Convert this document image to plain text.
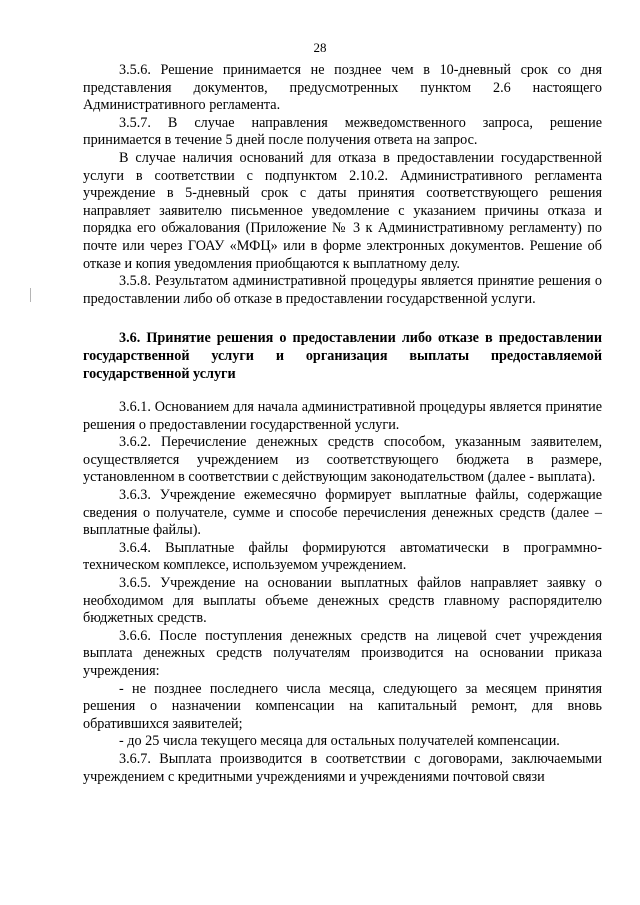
28

3.5.6. Решение принимается не позднее чем в 10-дневный срок со дня представления документов, предусмотренных пунктом 2.6 настоящего Административного регламента.

3.5.7. В случае направления межведомственного запроса, решение принимается в течение 5 дней после получения ответа на запрос.

В случае наличия оснований для отказа в предоставлении государственной услуги в соответствии с подпунктом 2.10.2. Административного регламента учреждение в 5-дневный срок с даты принятия соответствующего решения направляет заявителю письменное уведомление с указанием причины отказа и порядка его обжалования (Приложение № 3 к Административному регламенту) по почте или через ГОАУ «МФЦ» или в форме электронных документов. Решение об отказе и копия уведомления приобщаются к выплатному делу.

3.5.8. Результатом административной процедуры является принятие решения о предоставлении либо об отказе в предоставлении государственной услуги.

3.6. Принятие решения о предоставлении либо отказе в предоставлении государственной услуги и организация выплаты предоставляемой государственной услуги

3.6.1. Основанием для начала административной процедуры является принятие решения о предоставлении государственной услуги.

3.6.2. Перечисление денежных средств способом, указанным заявителем, осуществляется учреждением из соответствующего бюджета в размере, установленном в соответствии с действующим законодательством (далее - выплата).

3.6.3. Учреждение ежемесячно формирует выплатные файлы, содержащие сведения о получателе, сумме и способе перечисления денежных средств (далее – выплатные файлы).

3.6.4. Выплатные файлы формируются автоматически в программно-техническом комплексе, используемом учреждением.

3.6.5. Учреждение на основании выплатных файлов направляет заявку о необходимом для выплаты объеме денежных средств главному распорядителю бюджетных средств.

3.6.6. После поступления денежных средств на лицевой счет учреждения выплата денежных средств получателям производится на основании приказа учреждения:

- не позднее последнего числа месяца, следующего за месяцем принятия решения о назначении компенсации на капитальный ремонт, для вновь обратившихся заявителей;

- до 25 числа текущего месяца для остальных получателей компенсации.

3.6.7. Выплата производится в соответствии с договорами, заключаемыми учреждением с кредитными учреждениями и учреждениями почтовой связи
